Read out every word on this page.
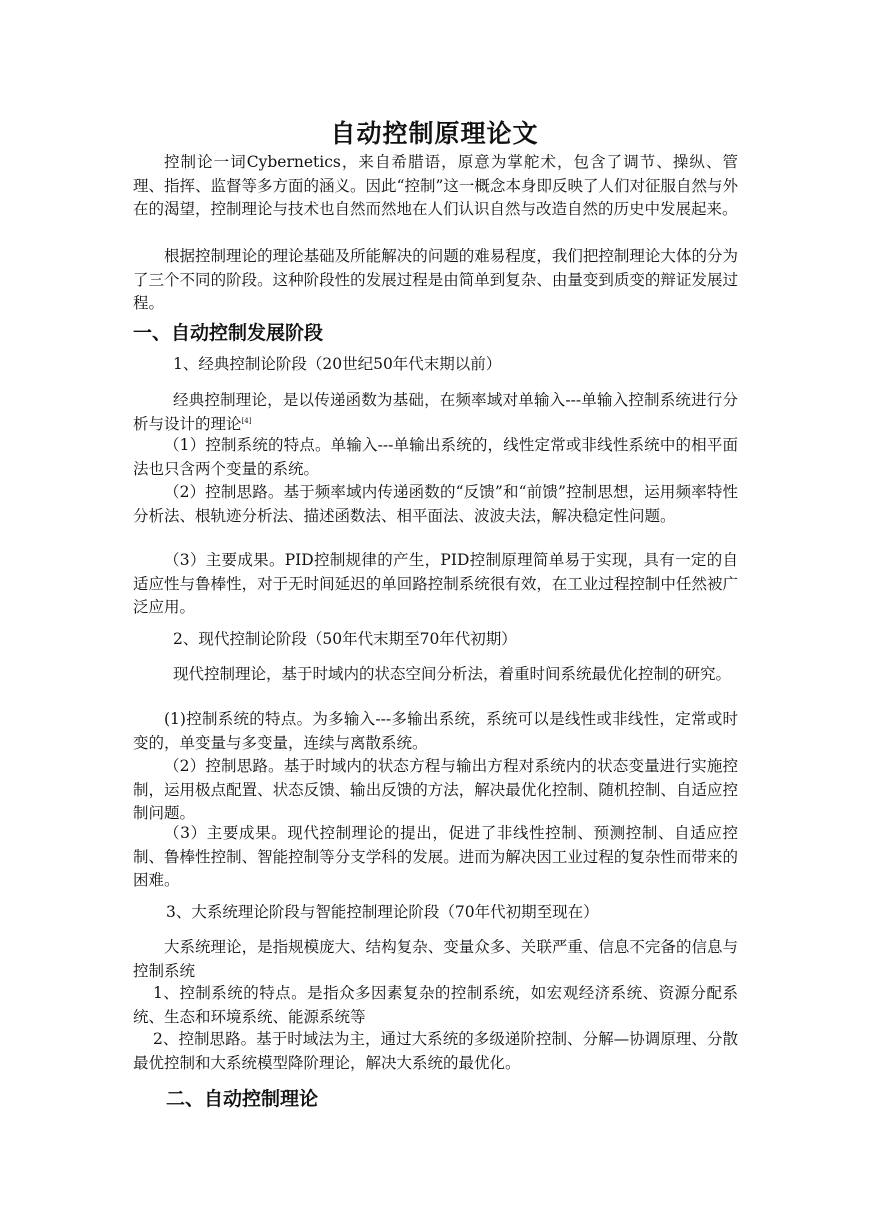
自动控制原理论文
控制论一词Cybernetics，来自希腊语，原意为掌舵术，包含了调节、操纵、管理、指挥、监督等多方面的涵义。因此“控制”这一概念本身即反映了人们对征服自然与外在的渴望，控制理论与技术也自然而然地在人们认识自然与改造自然的历史中发展起来。
根据控制理论的理论基础及所能解决的问题的难易程度，我们把控制理论大体的分为了三个不同的阶段。这种阶段性的发展过程是由简单到复杂、由量变到质变的辩证发展过程。
一、自动控制发展阶段
1、经典控制论阶段（20世纪50年代末期以前）
经典控制理论，是以传递函数为基础，在频率域对单输入---单输入控制系统进行分析与设计的理论[4]
（1）控制系统的特点。单输入---单输出系统的，线性定常或非线性系统中的相平面法也只含两个变量的系统。
（2）控制思路。基于频率域内传递函数的“反馈”和“前馈”控制思想，运用频率特性分析法、根轨迹分析法、描述函数法、相平面法、波波夫法，解决稳定性问题。
（3）主要成果。PID控制规律的产生，PID控制原理简单易于实现，具有一定的自适应性与鲁棒性，对于无时间延迟的单回路控制系统很有效，在工业过程控制中任然被广泛应用。
2、现代控制论阶段（50年代末期至70年代初期）
现代控制理论，基于时域内的状态空间分析法，着重时间系统最优化控制的研究。
(1)控制系统的特点。为多输入---多输出系统，系统可以是线性或非线性，定常或时变的，单变量与多变量，连续与离散系统。
（2）控制思路。基于时域内的状态方程与输出方程对系统内的状态变量进行实施控制，运用极点配置、状态反馈、输出反馈的方法，解决最优化控制、随机控制、自适应控制问题。
（3）主要成果。现代控制理论的提出，促进了非线性控制、预测控制、自适应控制、鲁棒性控制、智能控制等分支学科的发展。进而为解决因工业过程的复杂性而带来的困难。
3、大系统理论阶段与智能控制理论阶段（70年代初期至现在）
大系统理论，是指规模庞大、结构复杂、变量众多、关联严重、信息不完备的信息与控制系统
1、控制系统的特点。是指众多因素复杂的控制系统，如宏观经济系统、资源分配系统、生态和环境系统、能源系统等
2、控制思路。基于时域法为主，通过大系统的多级递阶控制、分解—协调原理、分散最优控制和大系统模型降阶理论，解决大系统的最优化。
二、自动控制理论
